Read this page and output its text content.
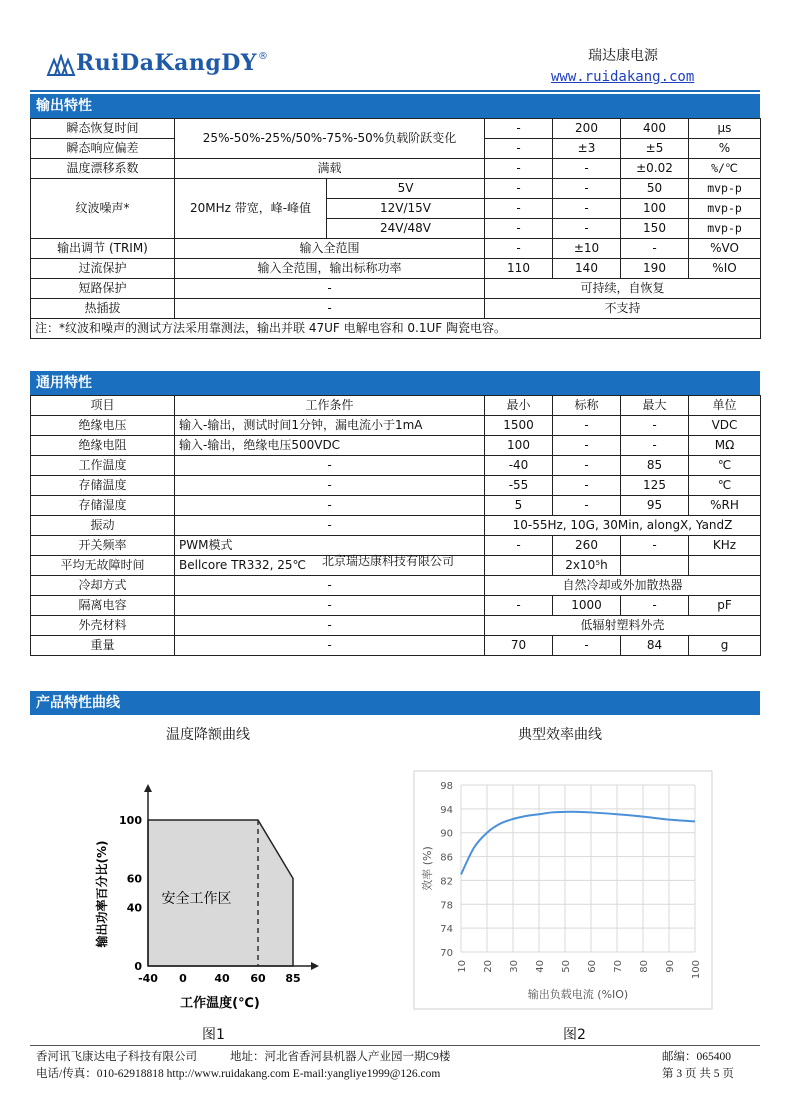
RuiDaKangDY ®	瑞达康电源
www.ruidakang.com
输出特性
瞬态恢复时间	25%-50%-25%/50%-75%-50%负载阶跃变化		-	200	400	μs
瞬态响应偏差			-	±3	±5	%
温度漂移系数	满载		-	-	±0.02	%/℃
纹波噪声*	20MHz 带宽，峰-峰值	5V	-	-	50	mvp-p
		12V/15V	-	-	100	mvp-p
		24V/48V	-	-	150	mvp-p
输出调节 (TRIM)	输入全范围		-	±10	-	%VO
过流保护	输入全范围，输出标称功率		110	140	190	%IO
短路保护	-		可持续，自恢复			
热插拔	-		不支持			
注：*纹波和噪声的测试方法采用靠测法，输出并联 47UF 电解电容和 0.1UF 陶瓷电容。						
通用特性
项目	工作条件	最小	标称	最大	单位
绝缘电压	输入-输出，测试时间1分钟，漏电流小于1mA	1500	-	-	VDC
绝缘电阻	输入-输出，绝缘电压500VDC	100	-	-	MΩ
工作温度	-	-40	-	85	℃
存储温度	-	-55	-	125	℃
存储湿度	-	5	-	95	%RH
振动	-	10-55Hz, 10G, 30Min, alongX, YandZ			
开关频率	PWM模式	-	260	-	KHz
平均无故障时间	Bellcore TR332, 25℃		2x10⁵h		
冷却方式	-	自然冷却或外加散热器			
隔离电容	-	-	1000	-	pF
外壳材料	-	低辐射塑料外壳			
重量	-	70	-	84	g
北京瑞达康科技有限公司
产品特性曲线
温度降额曲线	典型效率曲线
-40 0	40 60 85
0
40
60
100
安全工作区
工作温度(℃)
输出功率百分比(%)
70
74
78
82
86
90
94
98
10 20 30 40 50 60 70 80 90 100
输出负载电流 (%IO)
效率 (%)
图1	图2
香河讯飞康达电子科技有限公司	地址：河北省香河县机器人产业园一期C9楼	邮编：065400
电话/传真：010-62918818 http://www.ruidakang.com E-mail:yangliye1999@126.com	第 3 页 共 5 页
